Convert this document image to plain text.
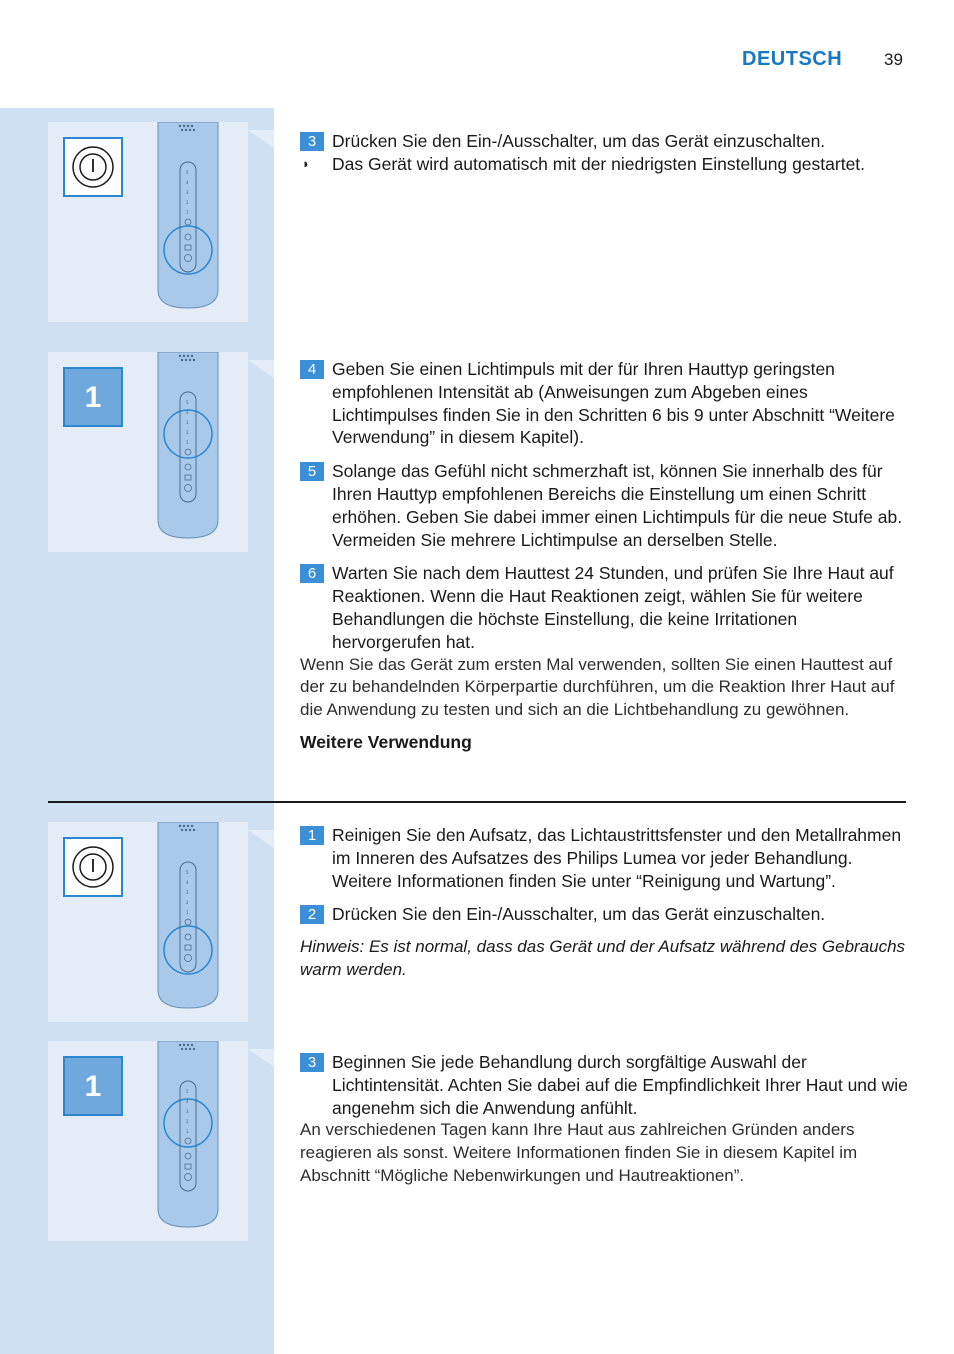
DEUTSCH 39
5
4
3
2
1
1	5
4
3
2
1
5
4
3
2
1
1	5
4
3
2
1
3 Drücken Sie den Ein-/Ausschalter, um das Gerät einzuschalten.
◗ Das Gerät wird automatisch mit der niedrigsten Einstellung gestartet.
4 Geben Sie einen Lichtimpuls mit der für Ihren Hauttyp geringsten empfohlenen Intensität ab (Anweisungen zum Abgeben eines Lichtimpulses finden Sie in den Schritten 6 bis 9 unter Abschnitt “Weitere Verwendung” in diesem Kapitel).
5 Solange das Gefühl nicht schmerzhaft ist, können Sie innerhalb des für Ihren Hauttyp empfohlenen Bereichs die Einstellung um einen Schritt erhöhen. Geben Sie dabei immer einen Lichtimpuls für die neue Stufe ab. Vermeiden Sie mehrere Lichtimpulse an derselben Stelle.
6 Warten Sie nach dem Hauttest 24 Stunden, und prüfen Sie Ihre Haut auf Reaktionen. Wenn die Haut Reaktionen zeigt, wählen Sie für weitere Behandlungen die höchste Einstellung, die keine Irritationen hervorgerufen hat.
Wenn Sie das Gerät zum ersten Mal verwenden, sollten Sie einen Hauttest auf der zu behandelnden Körperpartie durchführen, um die Reaktion Ihrer Haut auf die Anwendung zu testen und sich an die Lichtbehandlung zu gewöhnen.
Weitere Verwendung
1 Reinigen Sie den Aufsatz, das Lichtaustrittsfenster und den Metallrahmen im Inneren des Aufsatzes des Philips Lumea vor jeder Behandlung. Weitere Informationen finden Sie unter “Reinigung und Wartung”.
2 Drücken Sie den Ein-/Ausschalter, um das Gerät einzuschalten.
Hinweis: Es ist normal, dass das Gerät und der Aufsatz während des Gebrauchs warm werden.
3 Beginnen Sie jede Behandlung durch sorgfältige Auswahl der Lichtintensität. Achten Sie dabei auf die Empfindlichkeit Ihrer Haut und wie angenehm sich die Anwendung anfühlt.
An verschiedenen Tagen kann Ihre Haut aus zahlreichen Gründen anders reagieren als sonst. Weitere Informationen finden Sie in diesem Kapitel im Abschnitt “Mögliche Nebenwirkungen und Hautreaktionen”.
